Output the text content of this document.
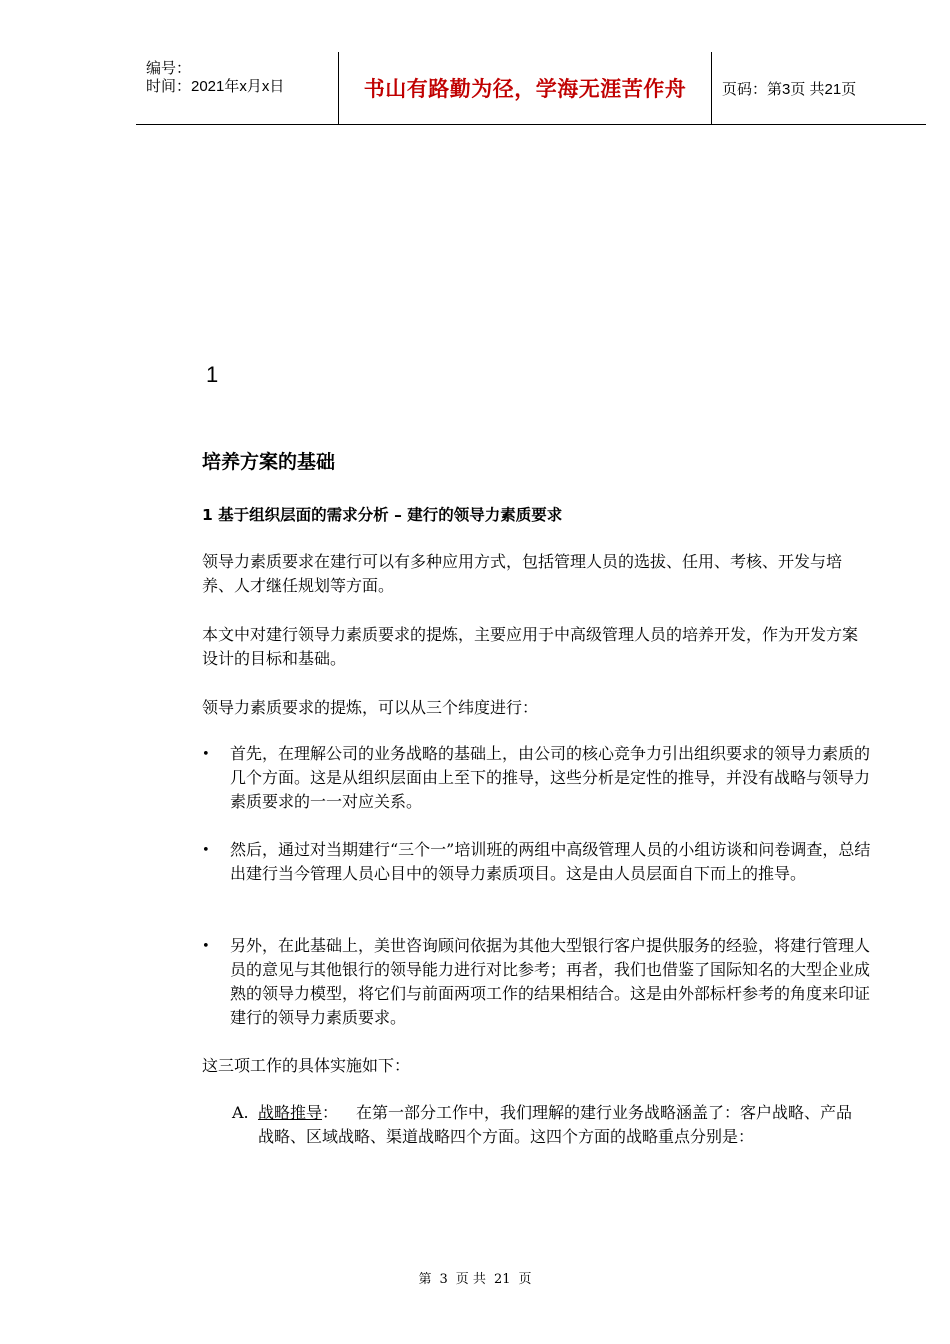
编号：
时间：2021年x月x日	书山有路勤为径，学海无涯苦作舟	页码：第3页 共21页
1
培养方案的基础
1 基于组织层面的需求分析 – 建行的领导力素质要求

领导力素质要求在建行可以有多种应用方式，包括管理人员的选拔、任用、考核、开发与培养、人才继任规划等方面。

本文中对建行领导力素质要求的提炼，主要应用于中高级管理人员的培养开发，作为开发方案设计的目标和基础。

领导力素质要求的提炼，可以从三个纬度进行：

•	首先，在理解公司的业务战略的基础上，由公司的核心竞争力引出组织要求的领导力素质的几个方面。这是从组织层面由上至下的推导，这些分析是定性的推导，并没有战略与领导力素质要求的一一对应关系。
•	然后，通过对当期建行“三个一”培训班的两组中高级管理人员的小组访谈和问卷调查，总结出建行当今管理人员心目中的领导力素质项目。这是由人员层面自下而上的推导。
•	另外，在此基础上，美世咨询顾问依据为其他大型银行客户提供服务的经验，将建行管理人员的意见与其他银行的领导能力进行对比参考；再者，我们也借鉴了国际知名的大型企业成熟的领导力模型，将它们与前面两项工作的结果相结合。这是由外部标杆参考的角度来印证建行的领导力素质要求。

这三项工作的具体实施如下：

A. 战略推导： 在第一部分工作中，我们理解的建行业务战略涵盖了：客户战略、产品战略、区域战略、渠道战略四个方面。这四个方面的战略重点分别是：
第 3 页 共 21 页
